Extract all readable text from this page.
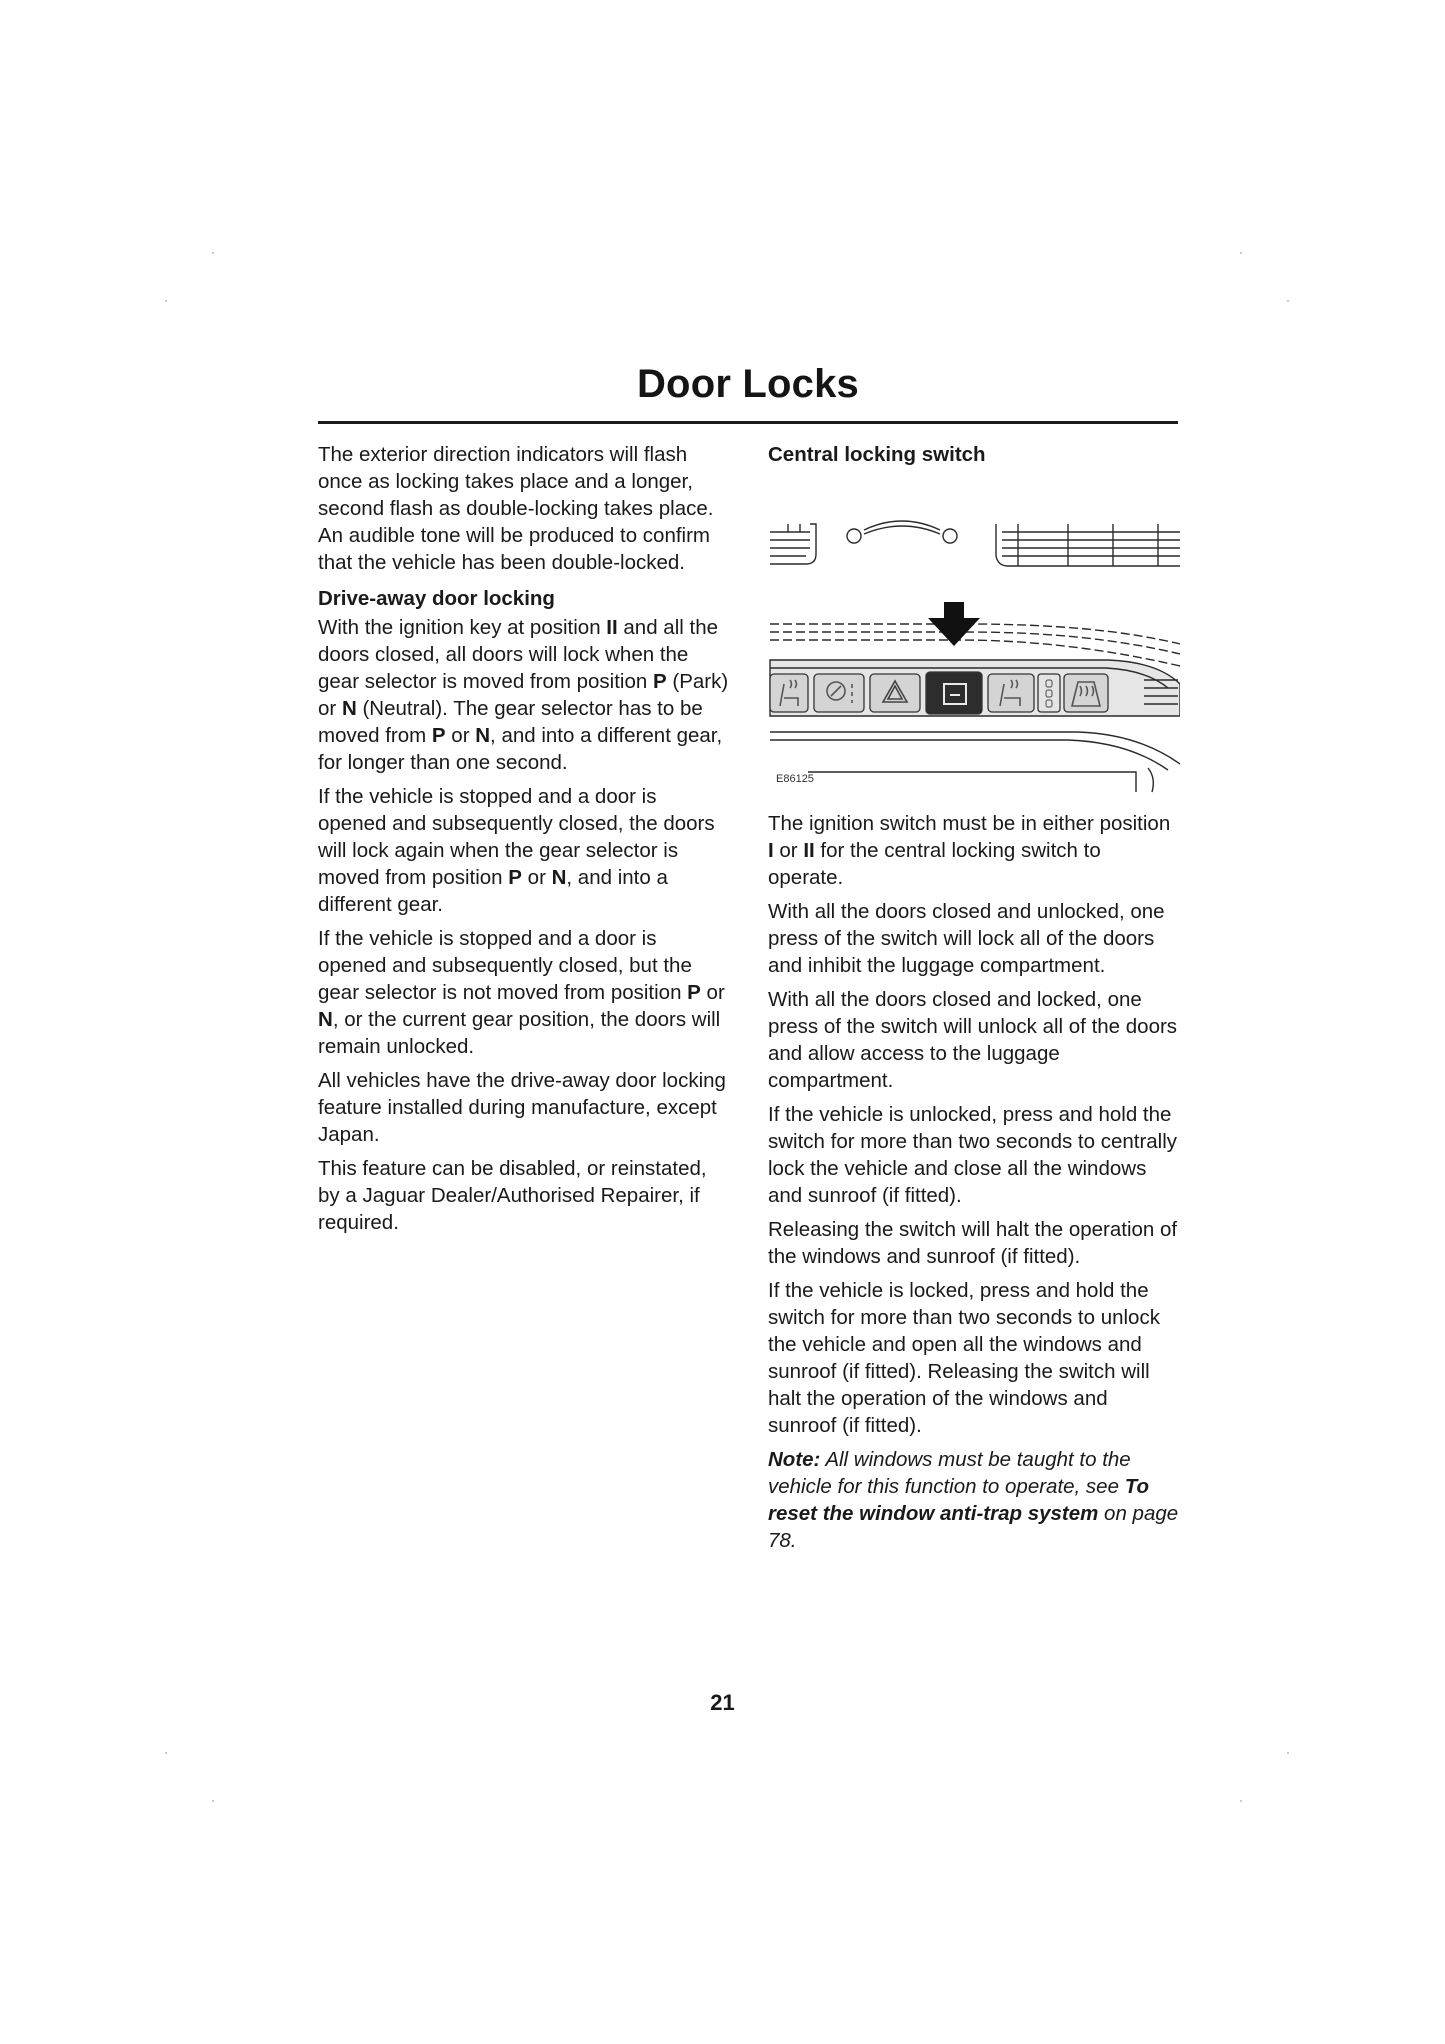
Door Locks

The exterior direction indicators will flash once as locking takes place and a longer, second flash as double-locking takes place. An audible tone will be produced to confirm that the vehicle has been double-locked.

Drive-away door locking

With the ignition key at position II and all the doors closed, all doors will lock when the gear selector is moved from position P (Park) or N (Neutral). The gear selector has to be moved from P or N, and into a different gear, for longer than one second.

If the vehicle is stopped and a door is opened and subsequently closed, the doors will lock again when the gear selector is moved from position P or N, and into a different gear.

If the vehicle is stopped and a door is opened and subsequently closed, but the gear selector is not moved from position P or N, or the current gear position, the doors will remain unlocked.

All vehicles have the drive-away door locking feature installed during manufacture, except Japan.

This feature can be disabled, or reinstated, by a Jaguar Dealer/Authorised Repairer, if required.

Central locking switch
E86125

The ignition switch must be in either position I or II for the central locking switch to operate.

With all the doors closed and unlocked, one press of the switch will lock all of the doors and inhibit the luggage compartment.

With all the doors closed and locked, one press of the switch will unlock all of the doors and allow access to the luggage compartment.

If the vehicle is unlocked, press and hold the switch for more than two seconds to centrally lock the vehicle and close all the windows and sunroof (if fitted).

Releasing the switch will halt the operation of the windows and sunroof (if fitted).

If the vehicle is locked, press and hold the switch for more than two seconds to unlock the vehicle and open all the windows and sunroof (if fitted). Releasing the switch will halt the operation of the windows and sunroof (if fitted).

Note: All windows must be taught to the vehicle for this function to operate, see To reset the window anti-trap system on page 78.

21
